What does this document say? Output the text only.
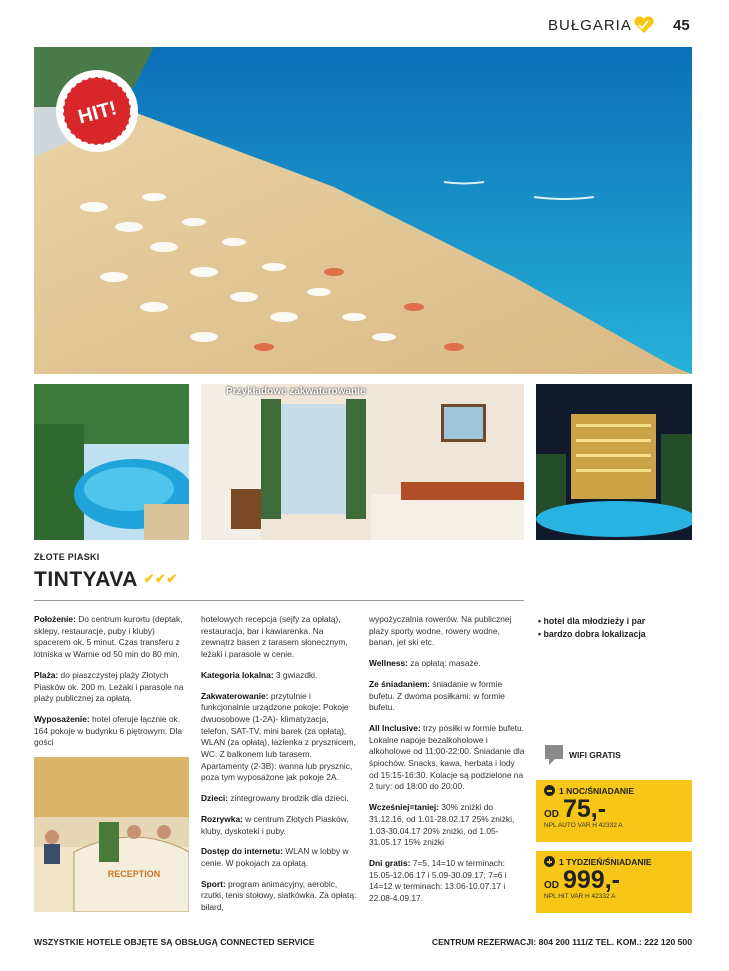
BUŁGARIA	45
HIT!
Przykładowe zakwaterowanie
ZŁOTE PIASKI
TINTYAVA ✔✔✔

Położenie: Do centrum kurortu (deptak, sklepy, restauracje, puby i kluby) spacerem ok. 5 minut. Czas transferu z lotniska w Warnie od 50 min do 80 min.

Plaża: do piaszczystej plaży Złotych Piasków ok. 200 m. Leżaki i parasole na plaży publicznej za opłatą.

Wyposażenie: hotel oferuje łącznie ok. 164 pokoje w budynku 6 piętrowym. Dla gości

RECEPTION

hotelowych recepcja (sejfy za opłatą), restauracja, bar i kawiarenka. Na zewnątrz basen z tarasem słonecznym, leżaki i parasole w cenie.

Kategoria lokalna: 3 gwiazdki.

Zakwaterowanie: przytulnie i funkcjonalnie urządzone pokoje: Pokoje dwuosobowe (1-2A)- klimatyzacja, telefon, SAT-TV, mini barek (za opłatą), WLAN (za opłatą), łazienka z prysznicem, WC. Z balkonem lub tarasem. Apartamenty (2-3B): wanna lub prysznic, poza tym wyposażone jak pokoje 2A.

Dzieci: zintegrowany brodzik dla dzieci.

Rozrywka: w centrum Złotych Piasków, kluby, dyskoteki i puby.

Dostęp do internetu: WLAN w lobby w cenie. W pokojach za opłatą.

Sport: program animacyjny, aerobic, rzutki, tenis stołowy, siatkówka. Za opłatą: bilard,

wypożyczalnia rowerów. Na publicznej plaży sporty wodne, rowery wodne, banan, jet ski etc.

Wellness: za opłatą: masaże.

Ze śniadaniem: śniadanie w formie bufetu. Z dwoma posiłkami: w formie bufetu.

All Inclusive: trzy posiłki w formie bufetu. Lokalne napoje bezalkoholowe i alkoholowe od 11:00-22:00. Śniadanie dla śpiochów. Snacks, kawa, herbata i lody od 15:15-16:30. Kolacje są podzielone na 2 tury: od 18:00 do 20:00.

Wcześniej=taniej: 30% zniżki do 31.12.16, od 1.01-28.02.17 25% zniżki, 1.03-30.04.17 20% zniżki, od 1.05-31.05.17 15% zniżki

Dni gratis: 7=5, 14=10 w terminach: 15.05-12.06.17 i 5.09-30.09.17; 7=6 i 14=12 w terminach: 13.06-10.07.17 i 22.08-4.09.17.

• hotel dla młodzieży i par
• bardzo dobra lokalizacja
WIFI GRATIS
1 NOC/ŚNIADANIE
OD 75,-
NPL AUTO VAR H 42332 A
1 TYDZIEŃ/ŚNIADANIE
OD 999,-
NPL HIT VAR H 42332 A
WSZYSTKIE HOTELE OBJĘTE SĄ OBSŁUGĄ CONNECTED SERVICE	CENTRUM REZERWACJI: 804 200 111/Z TEL. KOM.: 222 120 500
